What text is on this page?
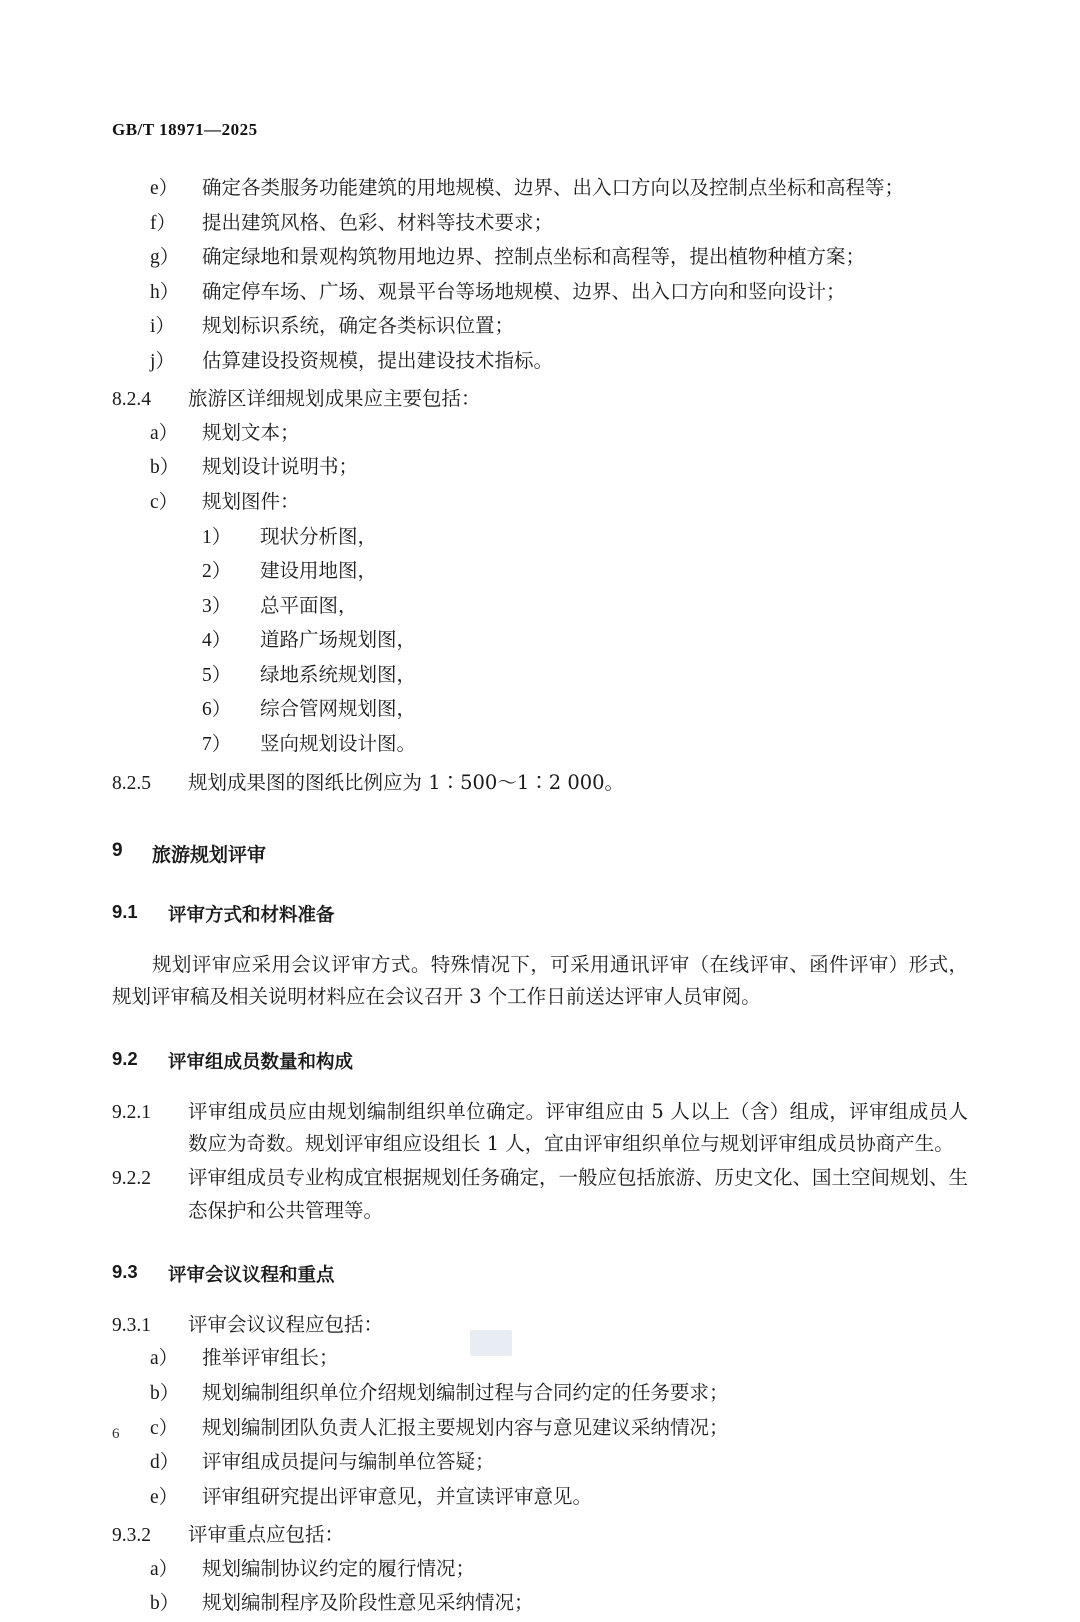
GB/T 18971—2025
e）	确定各类服务功能建筑的用地规模、边界、出入口方向以及控制点坐标和高程等；
f）	提出建筑风格、色彩、材料等技术要求；
g）	确定绿地和景观构筑物用地边界、控制点坐标和高程等，提出植物种植方案；
h）	确定停车场、广场、观景平台等场地规模、边界、出入口方向和竖向设计；
i）	规划标识系统，确定各类标识位置；
j）	估算建设投资规模，提出建设技术指标。
8.2.4	旅游区详细规划成果应主要包括：
a）	规划文本；
b）	规划设计说明书；
c）	规划图件：
1）	现状分析图，
2）	建设用地图，
3）	总平面图，
4）	道路广场规划图，
5）	绿地系统规划图，
6）	综合管网规划图，
7）	竖向规划设计图。
8.2.5	规划成果图的图纸比例应为 1∶500～1∶2 000。
9	旅游规划评审
9.1	评审方式和材料准备
规划评审应采用会议评审方式。特殊情况下，可采用通讯评审（在线评审、函件评审）形式，规划评审稿及相关说明材料应在会议召开 3 个工作日前送达评审人员审阅。
9.2	评审组成员数量和构成
9.2.1	评审组成员应由规划编制组织单位确定。评审组应由 5 人以上（含）组成，评审组成员人数应为奇数。规划评审组应设组长 1 人，宜由评审组织单位与规划评审组成员协商产生。
9.2.2	评审组成员专业构成宜根据规划任务确定，一般应包括旅游、历史文化、国土空间规划、生态保护和公共管理等。
9.3	评审会议议程和重点
9.3.1	评审会议议程应包括：
a）	推举评审组长；
b）	规划编制组织单位介绍规划编制过程与合同约定的任务要求；
c）	规划编制团队负责人汇报主要规划内容与意见建议采纳情况；
d）	评审组成员提问与编制单位答疑；
e）	评审组研究提出评审意见，并宣读评审意见。
9.3.2	评审重点应包括：
a）	规划编制协议约定的履行情况；
b）	规划编制程序及阶段性意见采纳情况；
6
